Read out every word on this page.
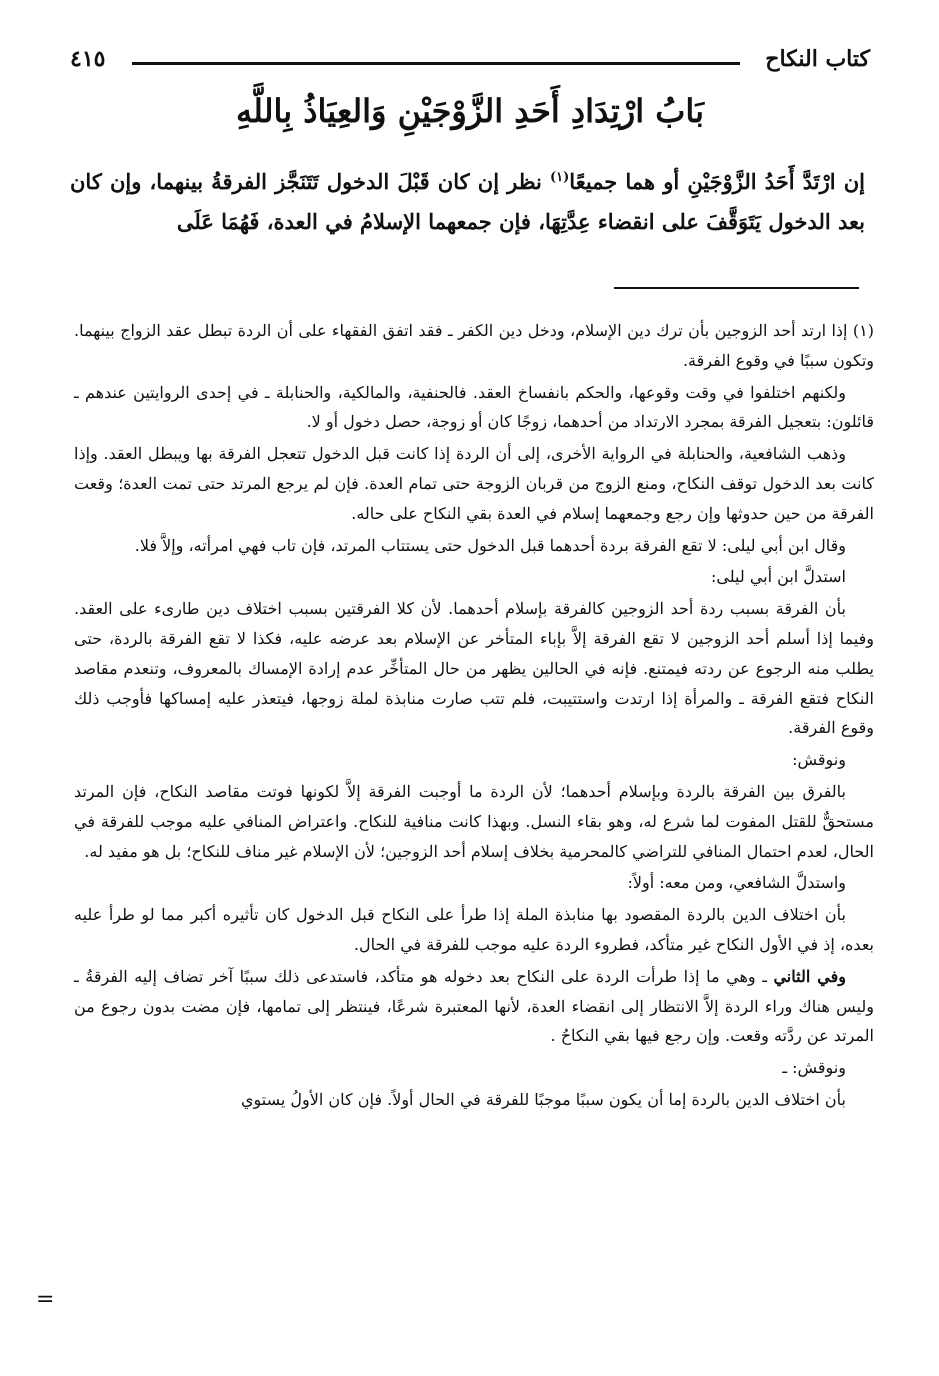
كتاب النكاح
٤١٥
بَابُ ارْتِدَادِ أَحَدِ الزَّوْجَيْنِ وَالعِيَاذُ بِاللَّهِ
إن ارْتَدَّ أَحَدُ الزَّوْجَيْنِ أو هما جميعًا$^{(١)}$ نظر إن كان قَبْلَ الدخول تَتَنَجَّز الفرقةُ بينهما، وإن كان بعد الدخول يَتَوَقَّفَ على انقضاء عِدَّتِهَا، فإن جمعهما الإسلامُ في العدة، فَهُمَا عَلَى

(١) إذا ارتد أحد الزوجين بأن ترك دين الإسلام، ودخل دين الكفر ـ فقد اتفق الفقهاء على أن الردة تبطل عقد الزواج بينهما. وتكون سببًا في وقوع الفرقة.

ولكنهم اختلفوا في وقت وقوعها، والحكم بانفساخ العقد. فالحنفية، والمالكية، والحنابلة ـ في إحدى الروايتين عندهم ـ قائلون: بتعجيل الفرقة بمجرد الارتداد من أحدهما، زوجًا كان أو زوجة، حصل دخول أو لا.

وذهب الشافعية، والحنابلة في الرواية الأخرى، إلى أن الردة إذا كانت قبل الدخول تتعجل الفرقة بها ويبطل العقد. وإذا كانت بعد الدخول توقف النكاح، ومنع الزوج من قربان الزوجة حتى تمام العدة. فإن لم يرجع المرتد حتى تمت العدة؛ وقعت الفرقة من حين حدوثها وإن رجع وجمعهما إسلام في العدة بقي النكاح على حاله.

وقال ابن أبي ليلى: لا تقع الفرقة بردة أحدهما قبل الدخول حتى يستتاب المرتد، فإن تاب فهي امرأته، وإلاَّ فلا.

استدلَّ ابن أبي ليلى:

بأن الفرقة بسبب ردة أحد الزوجين كالفرقة بإسلام أحدهما. لأن كلا الفرقتين بسبب اختلاف دين طارىء على العقد. وفيما إذا أسلم أحد الزوجين لا تقع الفرقة إلاَّ بإباء المتأخر عن الإسلام بعد عرضه عليه، فكذا لا تقع الفرقة بالردة، حتى يطلب منه الرجوع عن ردته فيمتنع. فإنه في الحالين يظهر من حال المتأخِّر عدم إرادة الإمساك بالمعروف، وتنعدم مقاصد النكاح فتقع الفرقة ـ والمرأة إذا ارتدت واستتيبت، فلم تتب صارت منابذة لملة زوجها، فيتعذر عليه إمساكها فأوجب ذلك وقوع الفرقة.

ونوقش:

بالفرق بين الفرقة بالردة وبإسلام أحدهما؛ لأن الردة ما أوجبت الفرقة إلاَّ لكونها فوتت مقاصد النكاح، فإن المرتد مستحقٌّ للقتل المفوت لما شرع له، وهو بقاء النسل. وبهذا كانت منافية للنكاح. واعتراض المنافي عليه موجب للفرقة في الحال، لعدم احتمال المنافي للتراضي كالمحرمية بخلاف إسلام أحد الزوجين؛ لأن الإسلام غير مناف للنكاح؛ بل هو مفيد له.

واستدلَّ الشافعي، ومن معه: أولاً:

بأن اختلاف الدين بالردة المقصود بها منابذة الملة إذا طرأ على النكاح قبل الدخول كان تأثيره أكبر مما لو طرأ عليه بعده، إذ في الأول النكاح غير متأكد، فطروء الردة عليه موجب للفرقة في الحال.

وفي الثاني ـ وهي ما إذا طرأت الردة على النكاح بعد دخوله هو متأكد، فاستدعى ذلك سببًا آخر تضاف إليه الفرقةُ ـ وليس هناك وراء الردة إلاَّ الانتظار إلى انقضاء العدة، لأنها المعتبرة شرعًا، فينتظر إلى تمامها، فإن مضت بدون رجوع من المرتد عن ردَّته وقعت. وإن رجع فيها بقي النكاحُ .

ونوقش: ـ

بأن اختلاف الدين بالردة إما أن يكون سببًا موجبًا للفرقة في الحال أولاً. فإن كان الأولُ يستوي

=
